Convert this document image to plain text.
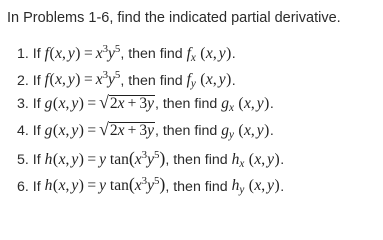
In Problems 1-6, find the indicated partial derivative.
1. If f(x, $y) = x^3y^5$, then find $f_x$ (x, y).
2. If f(x, $y) = x^3y^5$, then find $f_y$ (x, y).
3. If g(x, y) = √2x + 3y, then find $g_x$ (x, y).
4. If g(x, y) = √2x + 3y, then find $g_y$ (x, y).
5. If h(x, y) = y $\tan(x^3y^5)$, then find $h_x$ (x, y).
6. If h(x, y) = y $\tan(x^3y^5)$, then find $h_y$ (x, y).
